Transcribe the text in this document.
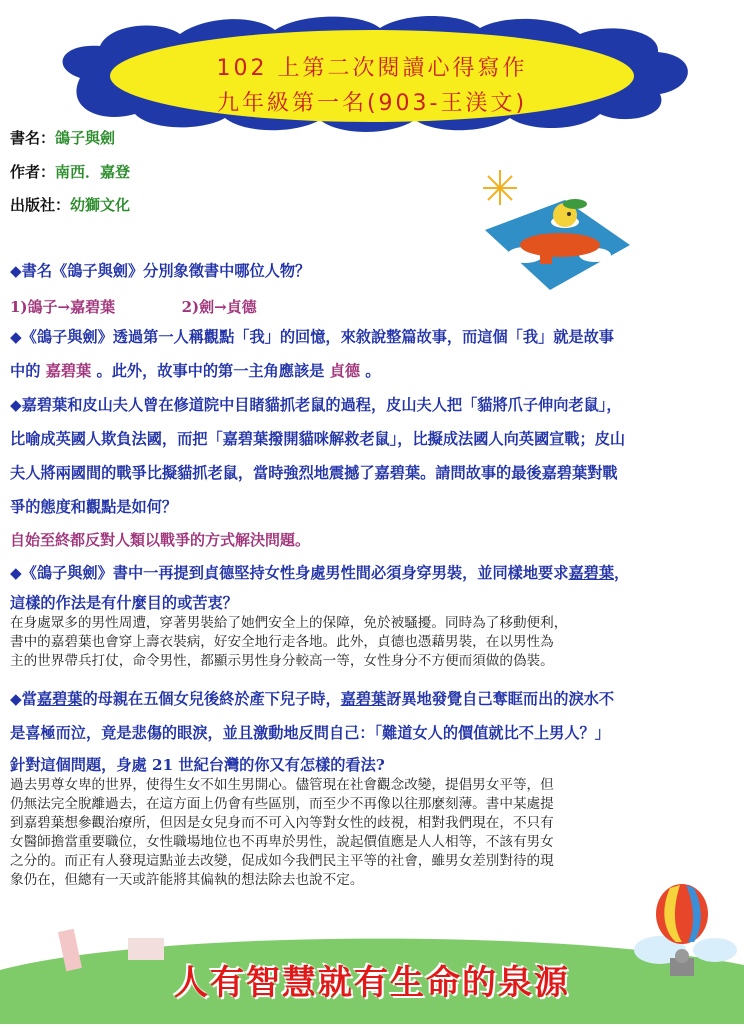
102 上第二次閱讀心得寫作
九年級第一名(903-王渼文)
書名：鴿子與劍
作者：南西．嘉登
出版社：幼獅文化
◆書名《鴿子與劍》分別象徵書中哪位人物？
1)鴿子→嘉碧葉	2)劍→貞德
◆《鴿子與劍》透過第一人稱觀點「我」的回憶，來敘說整篇故事，而這個「我」就是故事
中的 嘉碧葉 。此外，故事中的第一主角應該是 貞德 。
◆嘉碧葉和皮山夫人曾在修道院中目睹貓抓老鼠的過程，皮山夫人把「貓將爪子伸向老鼠」，
比喻成英國人欺負法國，而把「嘉碧葉撥開貓咪解救老鼠」，比擬成法國人向英國宣戰；皮山
夫人將兩國間的戰爭比擬貓抓老鼠，當時強烈地震撼了嘉碧葉。請問故事的最後嘉碧葉對戰
爭的態度和觀點是如何？
自始至終都反對人類以戰爭的方式解決問題。
◆《鴿子與劍》書中一再提到貞德堅持女性身處男性間必須身穿男裝，並同樣地要求嘉碧葉，
這樣的作法是有什麼目的或苦衷？
在身處眾多的男性周遭，穿著男裝給了她們安全上的保障，免於被騷擾。同時為了移動便利，
書中的嘉碧葉也會穿上壽衣裝病，好安全地行走各地。此外，貞德也憑藉男裝，在以男性為
主的世界帶兵打仗，命令男性，都顯示男性身分較高一等，女性身分不方便而須做的偽裝。
◆當嘉碧葉的母親在五個女兒後終於產下兒子時，嘉碧葉訝異地發覺自己奪眶而出的淚水不
是喜極而泣，竟是悲傷的眼淚，並且激動地反問自己：「難道女人的價值就比不上男人？」
針對這個問題，身處 21 世紀台灣的你又有怎樣的看法?
過去男尊女卑的世界，使得生女不如生男開心。儘管現在社會觀念改變，提倡男女平等，但
仍無法完全脫離過去，在這方面上仍會有些區別，而至少不再像以往那麼刻薄。書中某處提
到嘉碧葉想參觀治療所，但因是女兒身而不可入內等對女性的歧視，相對我們現在，不只有
女醫師擔當重要職位，女性職場地位也不再卑於男性，說起價值應是人人相等，不該有男女
之分的。而正有人發現這點並去改變，促成如今我們民主平等的社會，雖男女差別對待的現
象仍在，但總有一天或許能將其偏執的想法除去也說不定。
人有智慧就有生命的泉源
